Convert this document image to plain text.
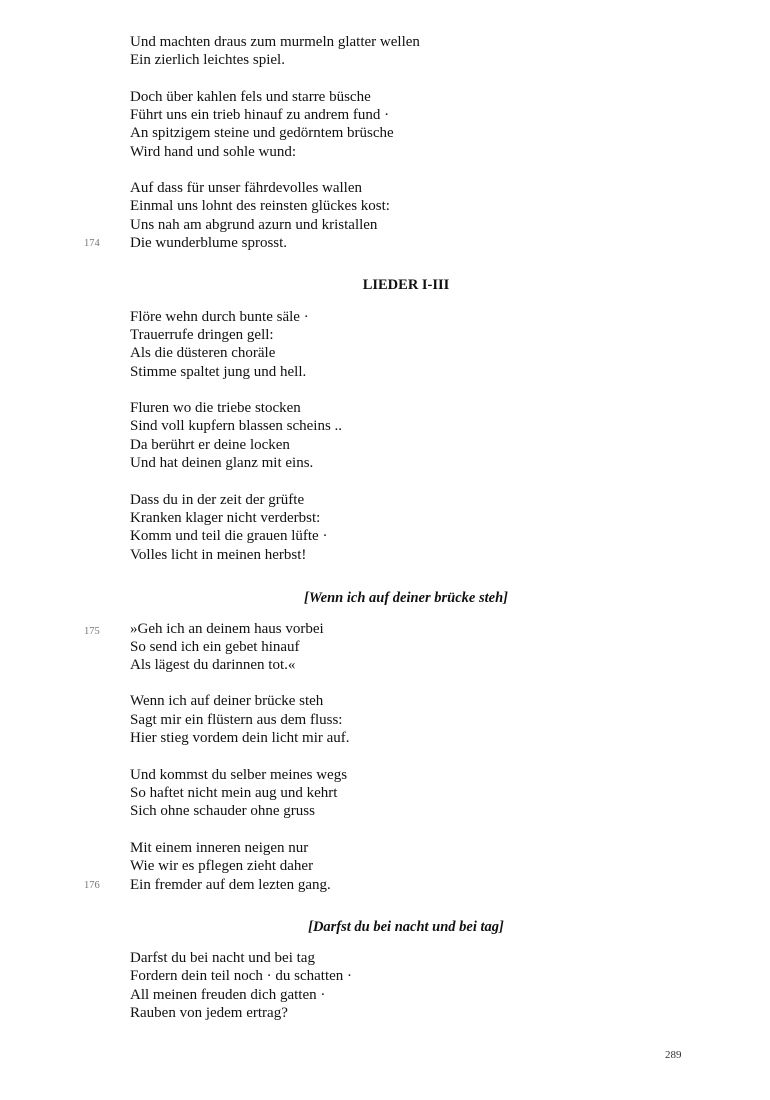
Und machten draus zum murmeln glatter wellen
Ein zierlich leichtes spiel.
Doch über kahlen fels und starre büsche
Führt uns ein trieb hinauf zu andrem fund ·
An spitzigem steine und gedörntem brüsche
Wird hand und sohle wund:
Auf dass für unser fährdevolles wallen
Einmal uns lohnt des reinsten glückes kost:
Uns nah am abgrund azurn und kristallen
Die wunderblume sprosst.
174
LIEDER I-III
Flöre wehn durch bunte säle ·
Trauerrufe dringen gell:
Als die düsteren choräle
Stimme spaltet jung und hell.
Fluren wo die triebe stocken
Sind voll kupfern blassen scheins ..
Da berührt er deine locken
Und hat deinen glanz mit eins.
Dass du in der zeit der grüfte
Kranken klager nicht verderbst:
Komm und teil die grauen lüfte ·
Volles licht in meinen herbst!
[Wenn ich auf deiner brücke steh]
»Geh ich an deinem haus vorbei
175
So send ich ein gebet hinauf
Als lägest du darinnen tot.«
Wenn ich auf deiner brücke steh
Sagt mir ein flüstern aus dem fluss:
Hier stieg vordem dein licht mir auf.
Und kommst du selber meines wegs
So haftet nicht mein aug und kehrt
Sich ohne schauder ohne gruss
Mit einem inneren neigen nur
Wie wir es pflegen zieht daher
Ein fremder auf dem lezten gang.
176
[Darfst du bei nacht und bei tag]
Darfst du bei nacht und bei tag
Fordern dein teil noch · du schatten ·
All meinen freuden dich gatten ·
Rauben von jedem ertrag?
289
